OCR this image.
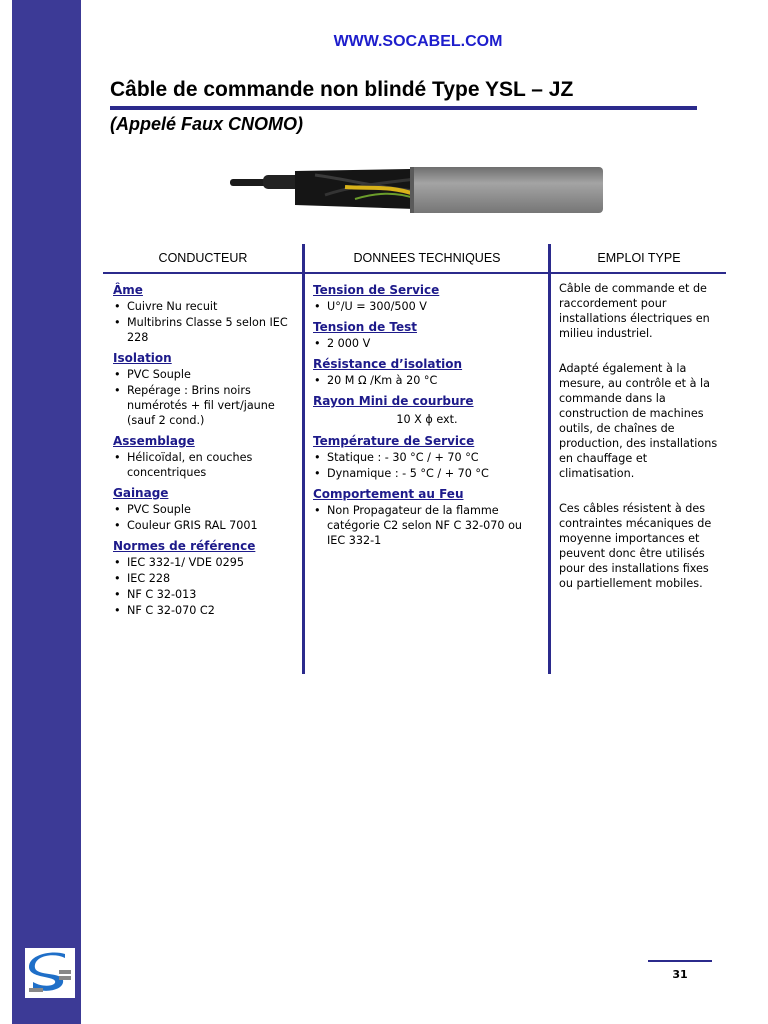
WWW.SOCABEL.COM
Câble de commande non blindé Type YSL – JZ
(Appelé Faux CNOMO)
CONDUCTEUR	DONNEES TECHNIQUES	EMPLOI TYPE
Âme
• Cuivre Nu recuit
• Multibrins Classe 5 selon IEC 228
Isolation
• PVC Souple
• Repérage : Brins noirs numérotés + fil vert/jaune (sauf 2 cond.)
Assemblage
• Hélicoïdal, en couches concentriques
Gainage
• PVC Souple
• Couleur GRIS RAL 7001
Normes de référence
• IEC 332-1/ VDE 0295
• IEC 228
• NF C 32-013
• NF C 32-070 C2
Tension de Service
• U°/U = 300/500 V
Tension de Test
• 2 000 V
Résistance d’isolation
• 20 M Ω /Km à 20 °C
Rayon Mini de courbure
10 X ϕ ext.
Température de Service
• Statique : - 30 °C / + 70 °C
• Dynamique : - 5 °C / + 70 °C
Comportement au Feu
• Non Propagateur de la flamme catégorie C2 selon NF C 32-070 ou IEC 332-1

Câble de commande et de raccordement pour installations électriques en milieu industriel.

Adapté également à la mesure, au contrôle et à la commande dans la construction de machines outils, de chaînes de production, des installations en chauffage et climatisation.

Ces câbles résistent à des contraintes mécaniques de moyenne importances et peuvent donc être utilisés pour des installations fixes ou partiellement mobiles.

31
